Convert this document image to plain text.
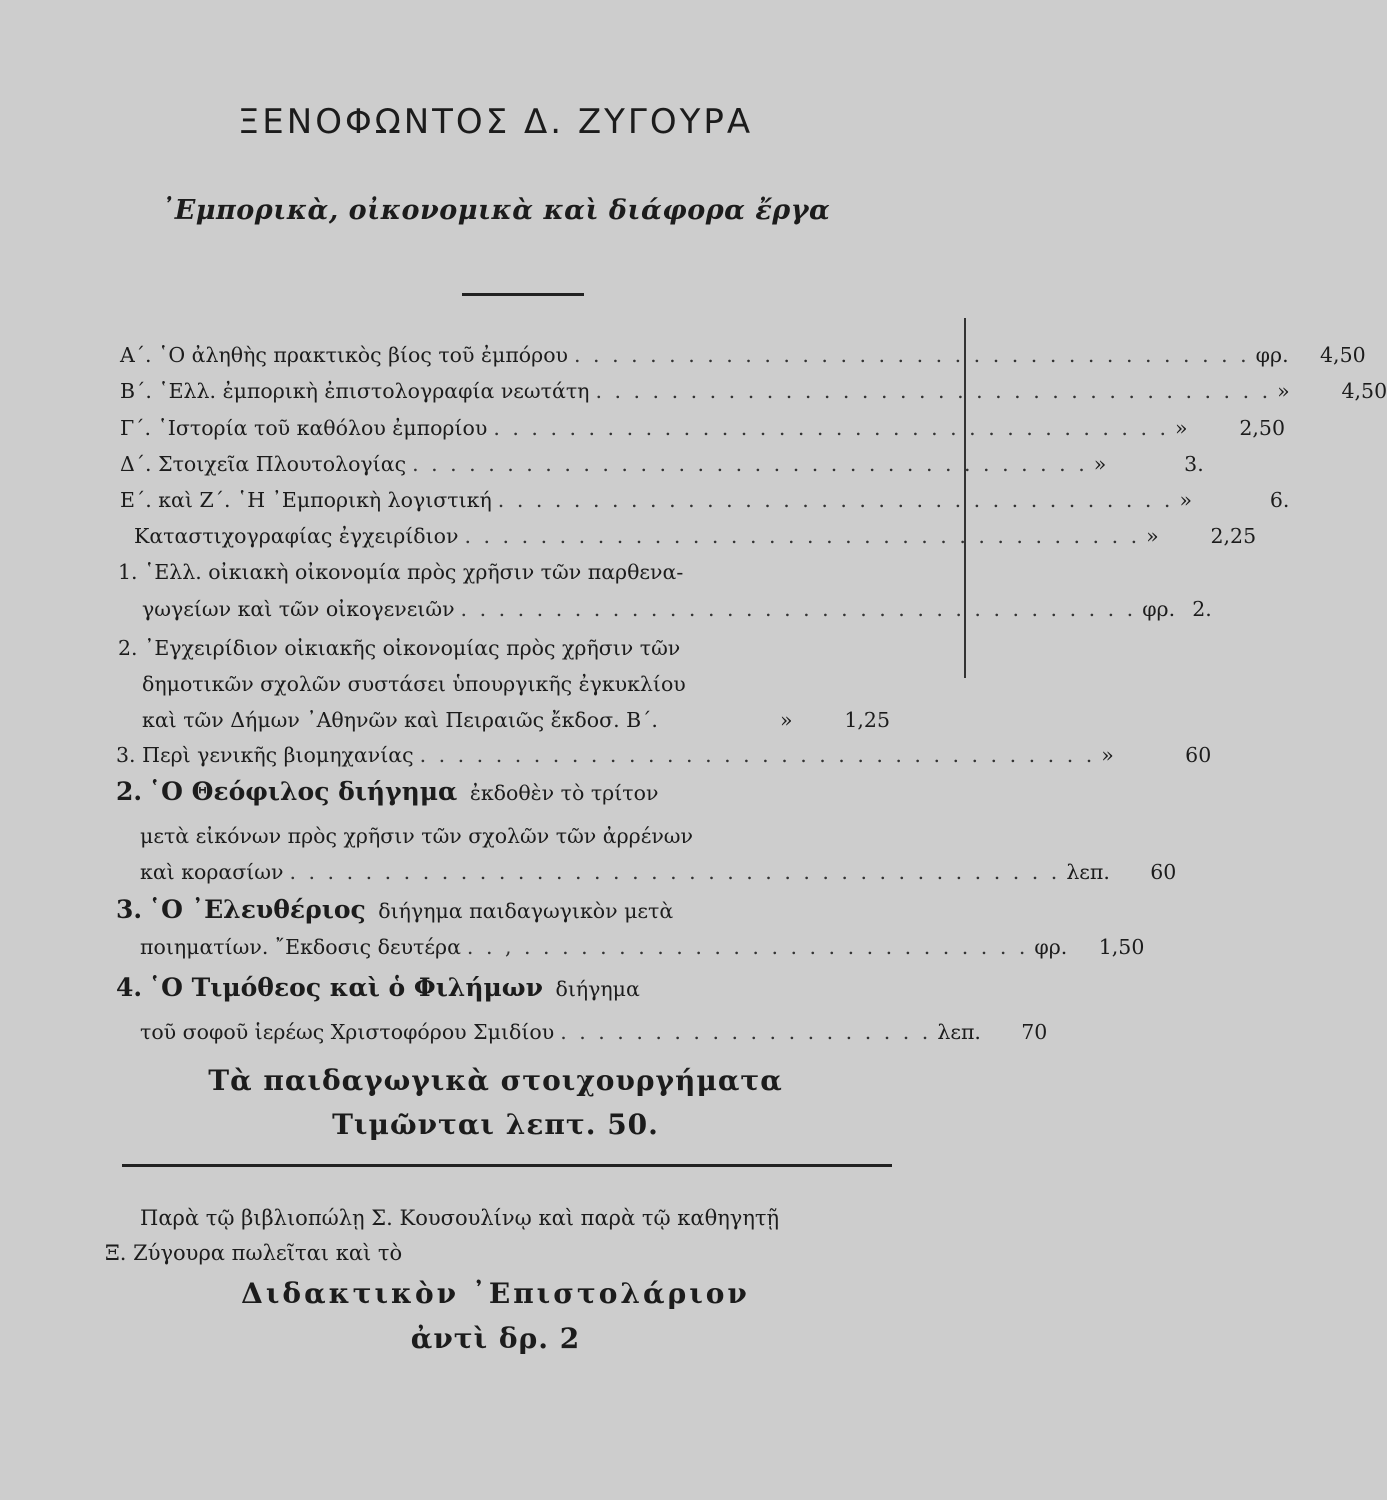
ΞΕΝΟΦΩΝΤΟΣ Δ. ΖΥΓΟΥΡΑ
᾿Εμπορικὰ, οἰκονομικὰ καὶ διάφορα ἔργα
Α΄. ῾Ο ἀληθὴς πρακτικὸς βίος τοῦ ἐμπόρου . . . . . . . . . . . . . . . . . . . . . . . . . . . . . . . . . . . . φρ.	4,50
Β΄. ῾Ελλ. ἐμπορικὴ ἐπιστολογραφία νεωτάτη . . . . . . . . . . . . . . . . . . . . . . . . . . . . . . . . . . . . »	4,50
Γ΄. ῾Ιστορία τοῦ καθόλου ἐμπορίου . . . . . . . . . . . . . . . . . . . . . . . . . . . . . . . . . . . . »	2,50
Δ΄. Στοιχεῖα Πλουτολογίας . . . . . . . . . . . . . . . . . . . . . . . . . . . . . . . . . . . . »	3.
Ε΄. καὶ Ζ΄. ῾Η ᾿Εμπορικὴ λογιστική . . . . . . . . . . . . . . . . . . . . . . . . . . . . . . . . . . . . »	6.
Καταστιχογραφίας ἐγχειρίδιον . . . . . . . . . . . . . . . . . . . . . . . . . . . . . . . . . . . . »	2,25
1. ῾Ελλ. οἰκιακὴ οἰκονομία πρὸς χρῆσιν τῶν παρθενα-
γωγείων καὶ τῶν οἰκογενειῶν . . . . . . . . . . . . . . . . . . . . . . . . . . . . . . . . . . . . φρ. 2.
2. ᾿Εγχειρίδιον οἰκιακῆς οἰκονομίας πρὸς χρῆσιν τῶν
δημοτικῶν σχολῶν συστάσει ὑπουργικῆς ἐγκυκλίου
καὶ τῶν Δήμων ᾿Αθηνῶν καὶ Πειραιῶς ἔκδοσ. Β΄.	»	1,25
3. Περὶ γενικῆς βιομηχανίας . . . . . . . . . . . . . . . . . . . . . . . . . . . . . . . . . . . . »	60
2. ῾Ο Θεόφιλος διήγημα ἐκδοθὲν τὸ τρίτον
μετὰ εἰκόνων πρὸς χρῆσιν τῶν σχολῶν τῶν ἀρρένων
καὶ κορασίων . . . . . . . . . . . . . . . . . . . . . . . . . . . . . . . . . . . . . . . . . λεπ.	60
3. ῾Ο ᾿Ελευθέριος διήγημα παιδαγωγικὸν μετὰ
ποιηματίων. ῎Εκδοσις δευτέρα . . , . . . . . . . . . . . . . . . . . . . . . . . . . . . φρ.	1,50
4. ῾Ο Τιμόθεος καὶ ὁ Φιλήμων διήγημα
τοῦ σοφοῦ ἱερέως Χριστοφόρου Σμιδίου . . . . . . . . . . . . . . . . . . . . λεπ.	70
Τὰ παιδαγωγικὰ στοιχουργήματα
Τιμῶνται λεπτ. 50.
Παρὰ τῷ βιβλιοπώλῃ Σ. Κουσουλίνῳ καὶ παρὰ τῷ καθηγητῇ
Ξ. Ζύγουρα πωλεῖται καὶ τὸ
Διδακτικὸν ᾿Επιστολάριον
ἀντὶ δρ. 2
